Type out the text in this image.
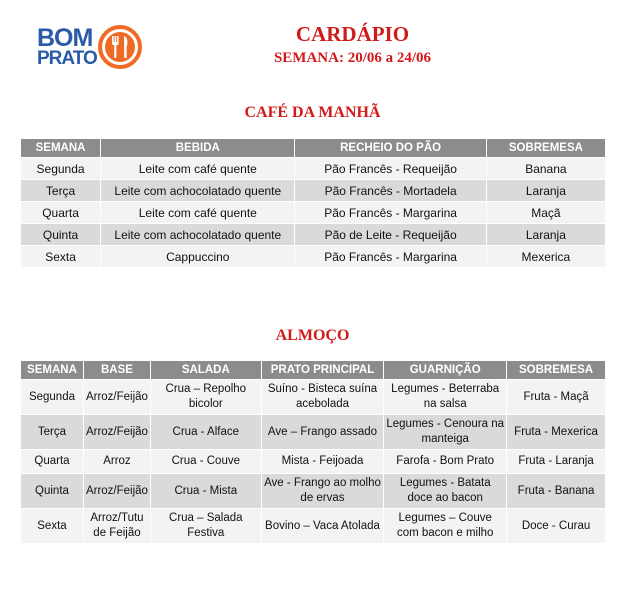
BOM
PRATO
CARDÁPIO
SEMANA: 20/06 a 24/06
CAFÉ DA MANHÃ
SEMANA	BEBIDA	RECHEIO DO PÃO	SOBREMESA
Segunda	Leite com café quente	Pão Francês - Requeijão	Banana
Terça	Leite com achocolatado quente	Pão Francês - Mortadela	Laranja
Quarta	Leite com café quente	Pão Francês - Margarina	Maçã
Quinta	Leite com achocolatado quente	Pão de Leite - Requeijão	Laranja
Sexta	Cappuccino	Pão Francês - Margarina	Mexerica
ALMOÇO
SEMANA	BASE	SALADA	PRATO PRINCIPAL	GUARNIÇÃO	SOBREMESA
Segunda	Arroz/Feijão	Crua – Repolho bicolor	Suíno - Bisteca suína acebolada	Legumes - Beterraba na salsa	Fruta - Maçã
Terça	Arroz/Feijão	Crua - Alface	Ave – Frango assado	Legumes - Cenoura na manteiga	Fruta - Mexerica
Quarta	Arroz	Crua - Couve	Mista - Feijoada	Farofa - Bom Prato	Fruta - Laranja
Quinta	Arroz/Feijão	Crua - Mista	Ave - Frango ao molho de ervas	Legumes - Batata doce ao bacon	Fruta - Banana
Sexta	Arroz/Tutu de Feijão	Crua – Salada Festiva	Bovino – Vaca Atolada	Legumes – Couve com bacon e milho	Doce - Curau
